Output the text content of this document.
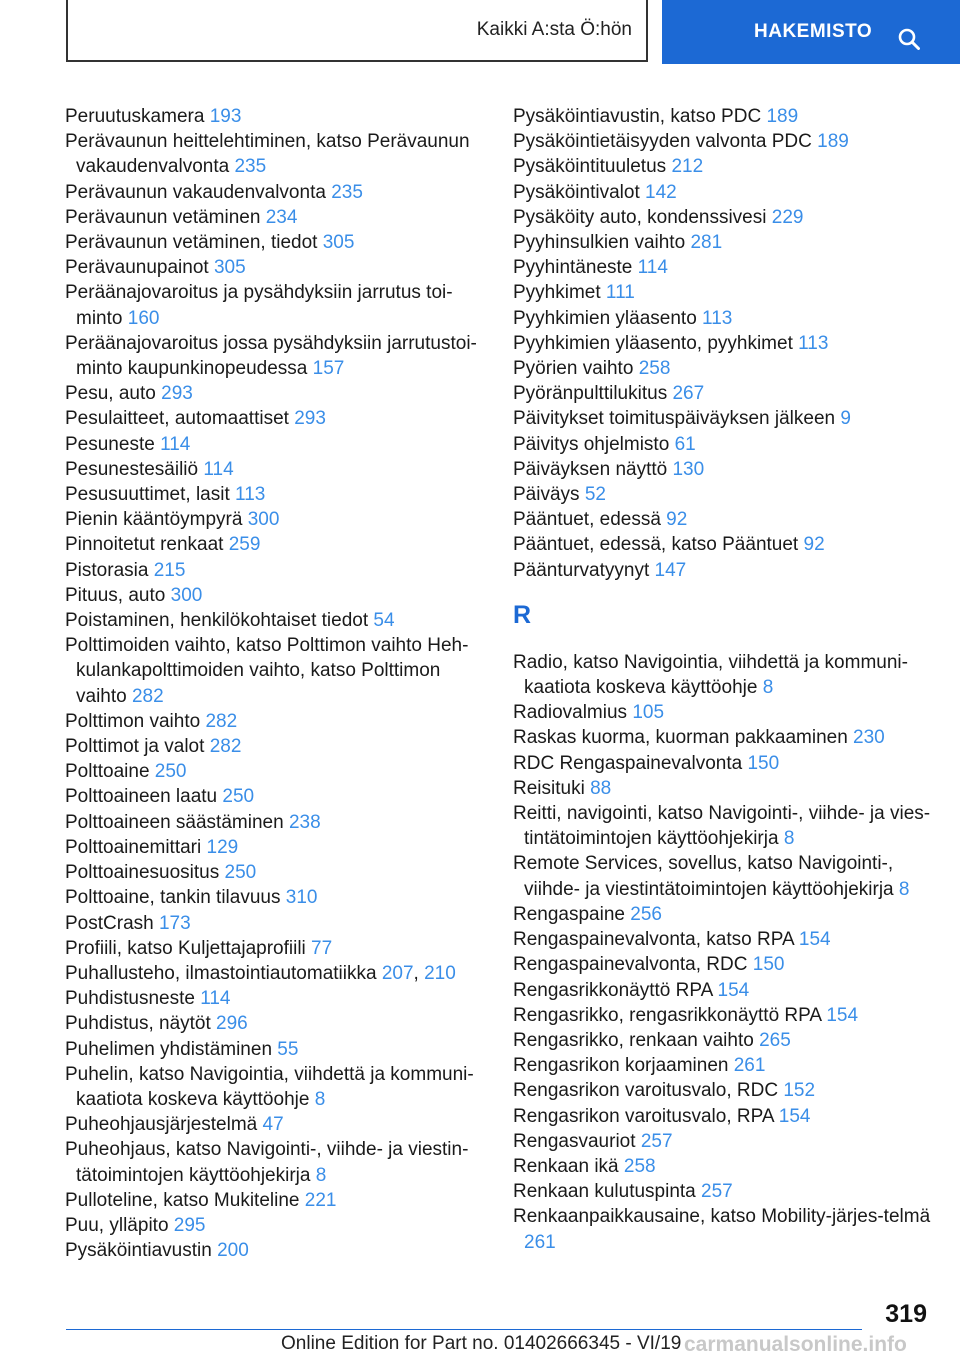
Kaikki A:sta Ö:hön	HAKEMISTO

Peruutuskamera 193

Perävaunun heittelehtiminen, katso Perävaunun vakaudenvalvonta 235

Perävaunun vakaudenvalvonta 235

Perävaunun vetäminen 234

Perävaunun vetäminen, tiedot 305

Perävaunupainot 305

Peräänajovaroitus ja pysähdyksiin jarrutus toi‐minto 160

Peräänajovaroitus jossa pysähdyksiin jarrutustoi‐minto kaupunkinopeudessa 157

Pesu, auto 293

Pesulaitteet, automaattiset 293

Pesuneste 114

Pesunestesäiliö 114

Pesusuuttimet, lasit 113

Pienin kääntöympyrä 300

Pinnoitetut renkaat 259

Pistorasia 215

Pituus, auto 300

Poistaminen, henkilökohtaiset tiedot 54

Polttimoiden vaihto, katso Polttimon vaihto Heh‐kulankapolttimoiden vaihto, katso Polttimon vaihto 282

Polttimon vaihto 282

Polttimot ja valot 282

Polttoaine 250

Polttoaineen laatu 250

Polttoaineen säästäminen 238

Polttoainemittari 129

Polttoainesuositus 250

Polttoaine, tankin tilavuus 310

PostCrash 173

Profiili, katso Kuljettajaprofiili 77

Puhallusteho, ilmastointiautomatiikka 207, 210

Puhdistusneste 114

Puhdistus, näytöt 296

Puhelimen yhdistäminen 55

Puhelin, katso Navigointia, viihdettä ja kommuni‐kaatiota koskeva käyttöohje 8

Puheohjausjärjestelmä 47

Puheohjaus, katso Navigointi-, viihde- ja viestin‐tätoimintojen käyttöohjekirja 8

Pulloteline, katso Mukiteline 221

Puu, ylläpito 295

Pysäköintiavustin 200

Pysäköintiavustin, katso PDC 189

Pysäköintietäisyyden valvonta PDC 189

Pysäköintituuletus 212

Pysäköintivalot 142

Pysäköity auto, kondenssivesi 229

Pyyhinsulkien vaihto 281

Pyyhintäneste 114

Pyyhkimet 111

Pyyhkimien yläasento 113

Pyyhkimien yläasento, pyyhkimet 113

Pyörien vaihto 258

Pyöränpulttilukitus 267

Päivitykset toimituspäiväyksen jälkeen 9

Päivitys ohjelmisto 61

Päiväyksen näyttö 130

Päiväys 52

Pääntuet, edessä 92

Pääntuet, edessä, katso Pääntuet 92

Päänturvatyynyt 147

R

Radio, katso Navigointia, viihdettä ja kommuni‐kaatiota koskeva käyttöohje 8

Radiovalmius 105

Raskas kuorma, kuorman pakkaaminen 230

RDC Rengaspainevalvonta 150

Reisituki 88

Reitti, navigointi, katso Navigointi-, viihde- ja vies‐tintätoimintojen käyttöohjekirja 8

Remote Services, sovellus, katso Navigointi-, viihde- ja viestintätoimintojen käyttöohjekirja 8

Rengaspaine 256

Rengaspainevalvonta, katso RPA 154

Rengaspainevalvonta, RDC 150

Rengasrikkonäyttö RPA 154

Rengasrikko, rengasrikkonäyttö RPA 154

Rengasrikko, renkaan vaihto 265

Rengasrikon korjaaminen 261

Rengasrikon varoitusvalo, RDC 152

Rengasrikon varoitusvalo, RPA 154

Rengasvauriot 257

Renkaan ikä 258

Renkaan kulutuspinta 257

Renkaanpaikkausaine, katso Mobility-järjes‐telmä 261

319
Online Edition for Part no. 01402666345 - VI/19 carmanualsonline.info
